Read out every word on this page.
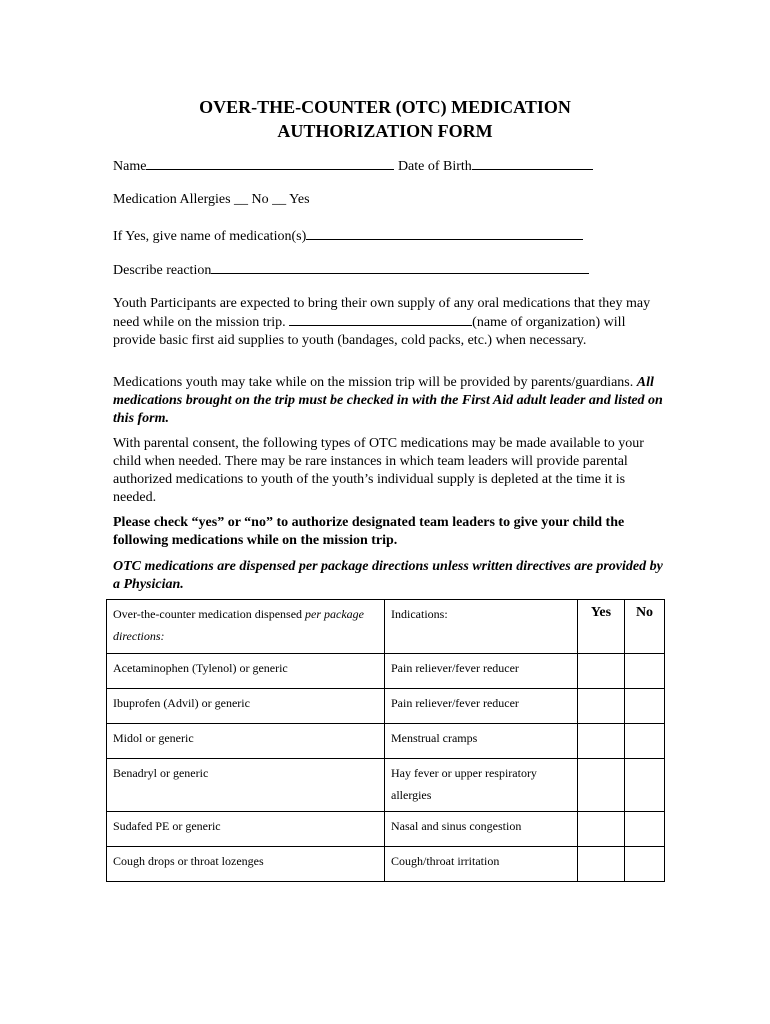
OVER-THE-COUNTER (OTC) MEDICATION
AUTHORIZATION FORM
Name	Date of Birth
Medication Allergies __ No __ Yes
If Yes, give name of medication(s)
Describe reaction
Youth Participants are expected to bring their own supply of any oral medications that they may need while on the mission trip.	(name of organization) will provide basic first aid supplies to youth (bandages, cold packs, etc.) when necessary.
Medications youth may take while on the mission trip will be provided by parents/guardians. All medications brought on the trip must be checked in with the First Aid adult leader and listed on this form.
With parental consent, the following types of OTC medications may be made available to your child when needed. There may be rare instances in which team leaders will provide parental authorized medications to youth of the youth’s individual supply is depleted at the time it is needed.
Please check “yes” or “no” to authorize designated team leaders to give your child the following medications while on the mission trip.
OTC medications are dispensed per package directions unless written directives are provided by a Physician.
Over-the-counter medication dispensed per package directions:	Indications:	Yes	No
Acetaminophen (Tylenol) or generic	Pain reliever/fever reducer		
Ibuprofen (Advil) or generic	Pain reliever/fever reducer		
Midol or generic	Menstrual cramps		
Benadryl or generic	Hay fever or upper respiratory allergies		
Sudafed PE or generic	Nasal and sinus congestion		
Cough drops or throat lozenges	Cough/throat irritation		
